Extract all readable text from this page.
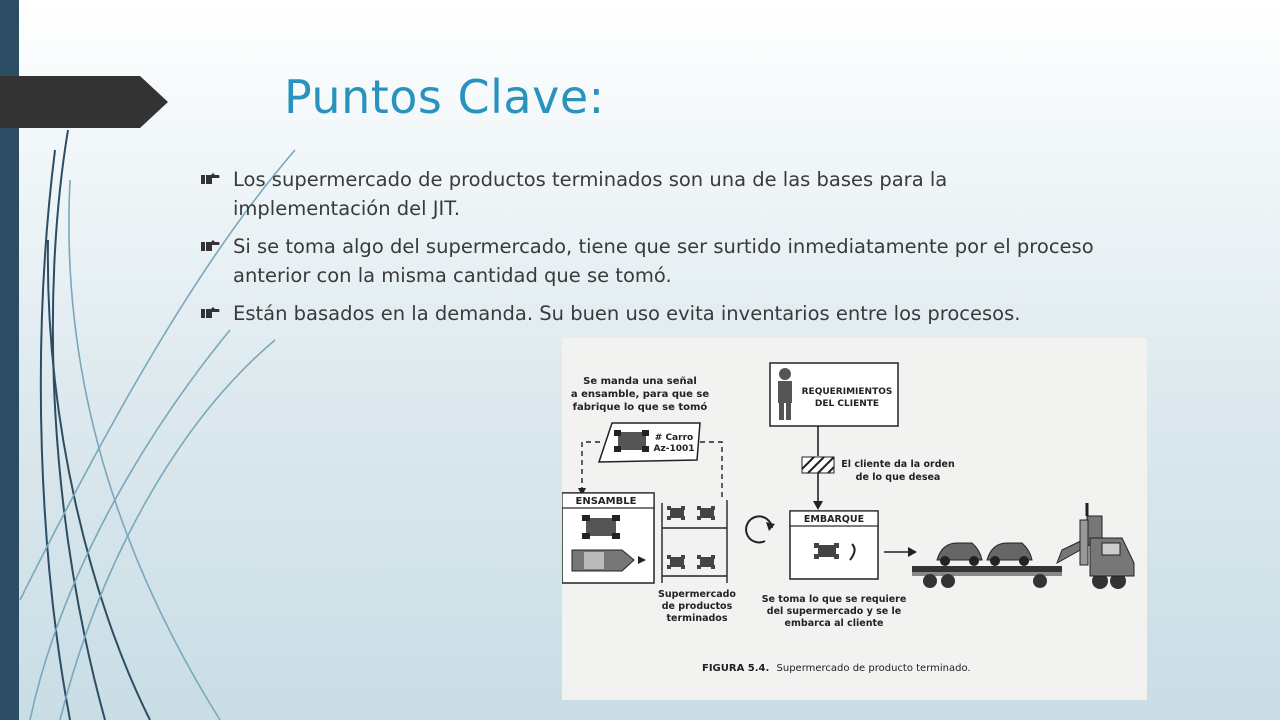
Puntos Clave:
Los supermercado de productos terminados son una de las bases para la implementación del JIT.
Si se toma algo del supermercado, tiene que ser surtido inmediatamente por el proceso anterior con la misma cantidad que se tomó.
Están basados en la demanda. Su buen uso evita inventarios entre los procesos.
Se manda una señal
a ensamble, para que se
fabrique lo que se tomó
# Carro
Az-1001
ENSAMBLE
Supermercado
de productos
terminados
REQUERIMIENTOS
DEL CLIENTE
El cliente da la orden
de lo que desea
EMBARQUE
Se toma lo que se requiere
del supermercado y se le
embarca al cliente
FIGURA 5.4. Supermercado de producto terminado.
